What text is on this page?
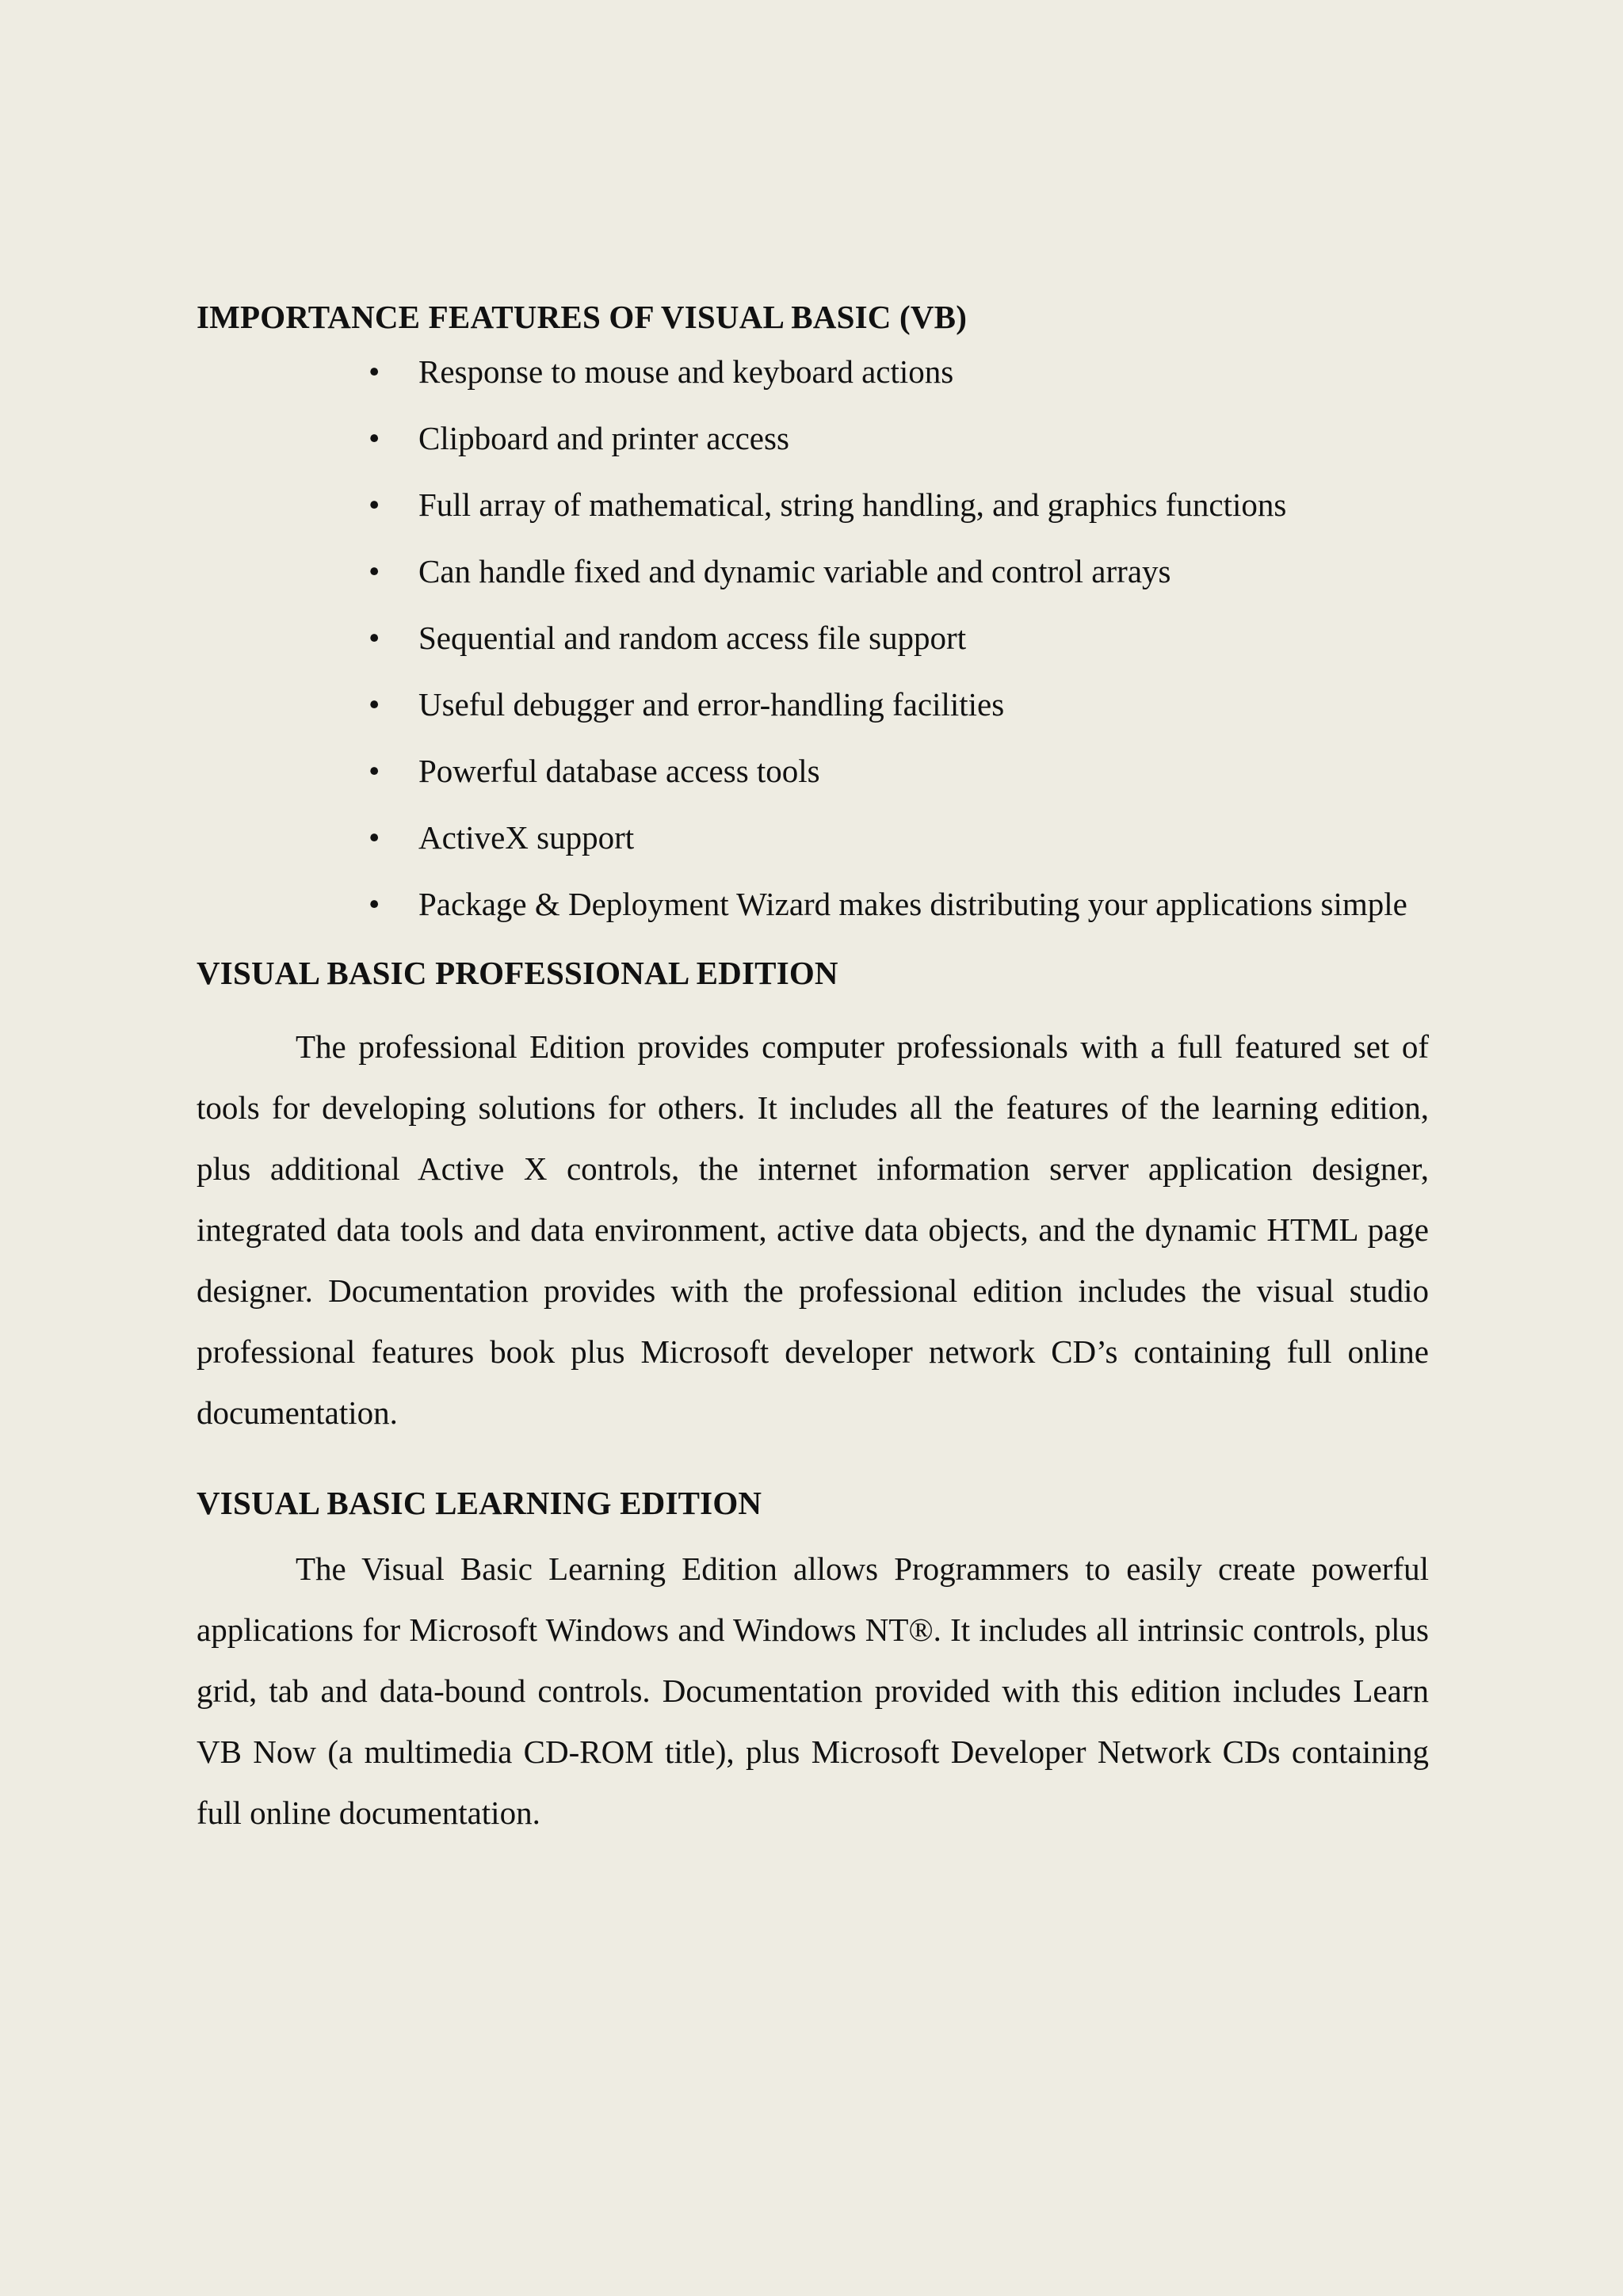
IMPORTANCE FEATURES OF VISUAL BASIC (VB)
• Response to mouse and keyboard actions
• Clipboard and printer access
• Full array of mathematical, string handling, and graphics functions
• Can handle fixed and dynamic variable and control arrays
• Sequential and random access file support
• Useful debugger and error-handling facilities
• Powerful database access tools
• ActiveX support
• Package & Deployment Wizard makes distributing your applications simple
VISUAL BASIC PROFESSIONAL EDITION

The professional Edition provides computer professionals with a full featured set of tools for developing solutions for others. It includes all the features of the learning edition, plus additional Active X controls, the internet information server application designer, integrated data tools and data environment, active data objects, and the dynamic HTML page designer. Documentation provides with the professional edition includes the visual studio professional features book plus Microsoft developer network CD’s containing full online documentation.

VISUAL BASIC LEARNING EDITION

The Visual Basic Learning Edition allows Programmers to easily create powerful applications for Microsoft Windows and Windows NT®. It includes all intrinsic controls, plus grid, tab and data-bound controls. Documentation provided with this edition includes Learn VB Now (a multimedia CD-ROM title), plus Microsoft Developer Network CDs containing full online documentation.
